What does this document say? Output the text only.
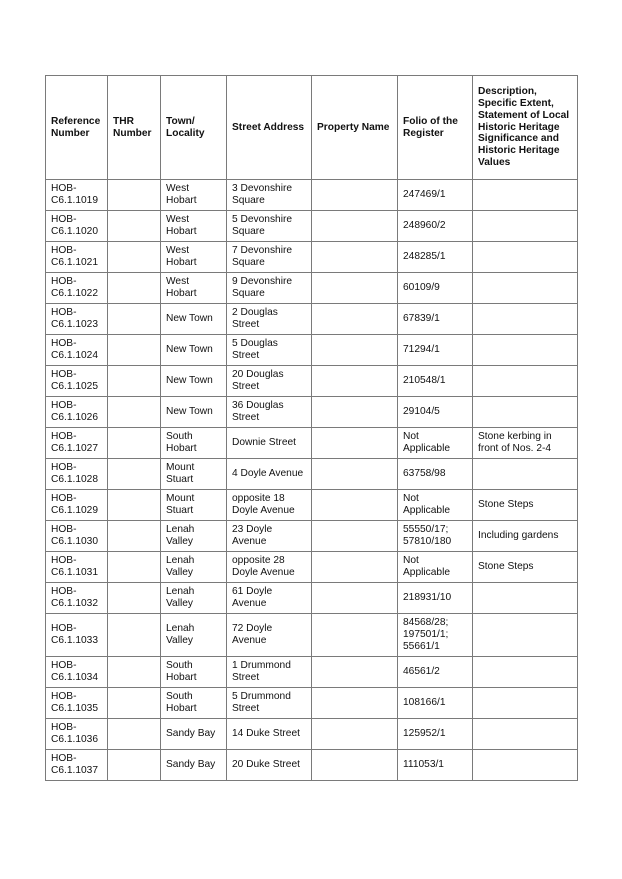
Reference Number	THR Number	Town/ Locality	Street Address	Property Name	Folio of the Register	Description, Specific Extent, Statement of Local Historic Heritage Significance and Historic Heritage Values
HOB-C6.1.1019		West Hobart	3 Devonshire Square		247469/1	
HOB-C6.1.1020		West Hobart	5 Devonshire Square		248960/2	
HOB-C6.1.1021		West Hobart	7 Devonshire Square		248285/1	
HOB-C6.1.1022		West Hobart	9 Devonshire Square		60109/9	
HOB-C6.1.1023		New Town	2 Douglas Street		67839/1	
HOB-C6.1.1024		New Town	5 Douglas Street		71294/1	
HOB-C6.1.1025		New Town	20 Douglas Street		210548/1	
HOB-C6.1.1026		New Town	36 Douglas Street		29104/5	
HOB-C6.1.1027		South Hobart	Downie Street		Not Applicable	Stone kerbing in front of Nos. 2-4
HOB-C6.1.1028		Mount Stuart	4 Doyle Avenue		63758/98	
HOB-C6.1.1029		Mount Stuart	opposite 18 Doyle Avenue		Not Applicable	Stone Steps
HOB-C6.1.1030		Lenah Valley	23 Doyle Avenue		55550/17; 57810/180	Including gardens
HOB-C6.1.1031		Lenah Valley	opposite 28 Doyle Avenue		Not Applicable	Stone Steps
HOB-C6.1.1032		Lenah Valley	61 Doyle Avenue		218931/10	
HOB-C6.1.1033		Lenah Valley	72 Doyle Avenue		84568/28; 197501/1; 55661/1	
HOB-C6.1.1034		South Hobart	1 Drummond Street		46561/2	
HOB-C6.1.1035		South Hobart	5 Drummond Street		108166/1	
HOB-C6.1.1036		Sandy Bay	14 Duke Street		125952/1	
HOB-C6.1.1037		Sandy Bay	20 Duke Street		111053/1	
